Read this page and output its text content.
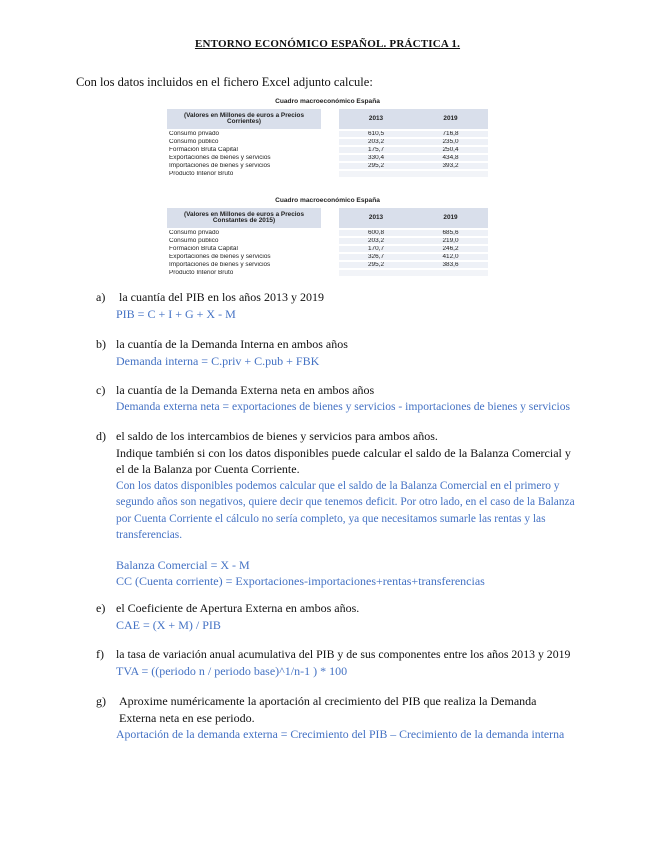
ENTORNO ECONÓMICO ESPAÑOL. PRÁCTICA 1.
Con los datos incluidos en el fichero Excel adjunto calcule:
Cuadro macroeconómico España			
(Valores en Millones de euros a Precios Corrientes)		2013	2019
Consumo privado		610,5	716,8
Consumo público		203,2	235,0
Formación Bruta Capital		175,7	250,4
Exportaciones de bienes y servicios		330,4	434,8
Importaciones de bienes y servicios		295,2	393,2
Producto Interior Bruto			
Cuadro macroeconómico España			
(Valores en Millones de euros a Precios Constantes de 2015)		2013	2019
Consumo privado		600,8	685,6
Consumo público		203,2	219,0
Formación Bruta Capital		170,7	246,2
Exportaciones de bienes y servicios		326,7	412,0
Importaciones de bienes y servicios		295,2	383,6
Producto Interior Bruto			
a) la cuantía del PIB en los años 2013 y 2019
PIB = C + I + G + X - M
b) la cuantía de la Demanda Interna en ambos años
Demanda interna = C.priv + C.pub + FBK
c) la cuantía de la Demanda Externa neta en ambos años
Demanda externa neta = exportaciones de bienes y servicios - importaciones de bienes y servicios
d) el saldo de los intercambios de bienes y servicios para ambos años.
Indique también si con los datos disponibles puede calcular el saldo de la Balanza Comercial y el de la Balanza por Cuenta Corriente.
Con los datos disponibles podemos calcular que el saldo de la Balanza Comercial en el primero y segundo años son negativos, quiere decir que tenemos deficit. Por otro lado, en el caso de la Balanza por Cuenta Corriente el cálculo no sería completo, ya que necesitamos sumarle las rentas y las transferencias.
Balanza Comercial = X - M
CC (Cuenta corriente) = Exportaciones-importaciones+rentas+transferencias
e) el Coeficiente de Apertura Externa en ambos años.
CAE = (X + M) / PIB
f) la tasa de variación anual acumulativa del PIB y de sus componentes entre los años 2013 y 2019
TVA = ((periodo n / periodo base)^1/n-1 ) * 100
g) Aproxime numéricamente la aportación al crecimiento del PIB que realiza la Demanda Externa neta en ese periodo.
Aportación de la demanda externa = Crecimiento del PIB – Crecimiento de la demanda interna
